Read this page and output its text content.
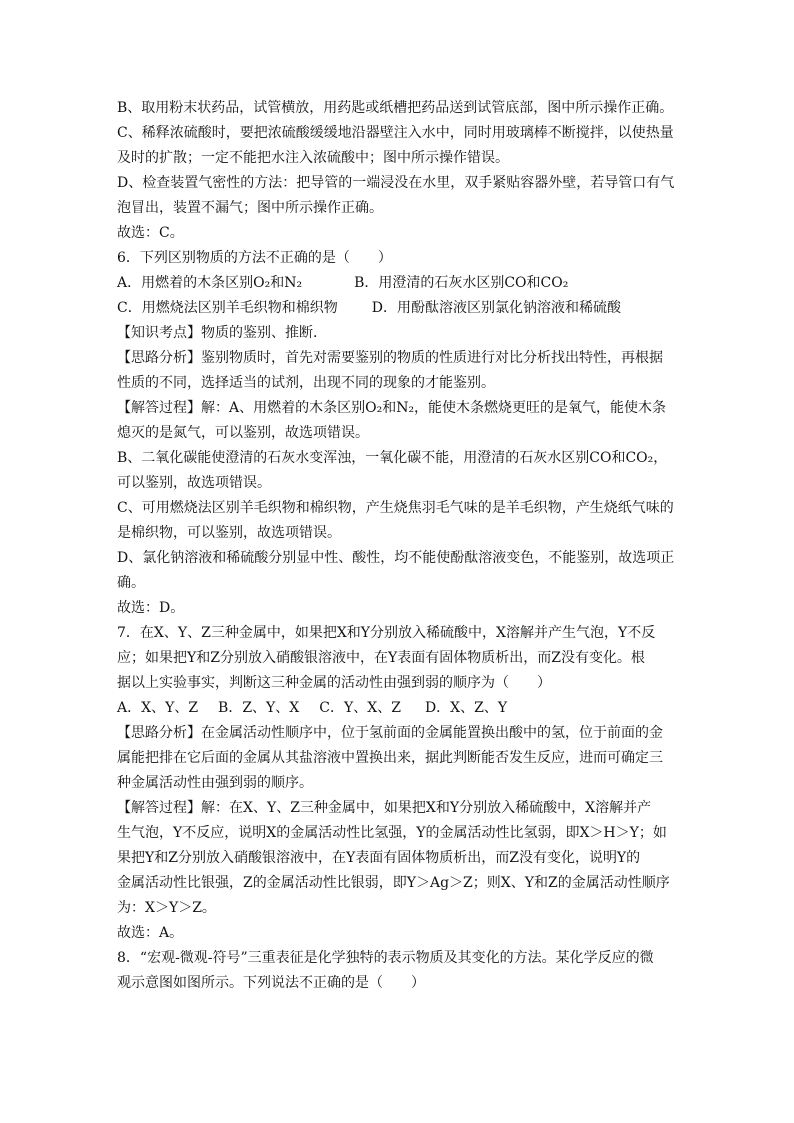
B、取用粉末状药品，试管横放，用药匙或纸槽把药品送到试管底部，图中所示操作正确。
C、稀释浓硫酸时，要把浓硫酸缓缓地沿器壁注入水中，同时用玻璃棒不断搅拌，以使热量
及时的扩散；一定不能把水注入浓硫酸中；图中所示操作错误。
D、检查装置气密性的方法：把导管的一端浸没在水里，双手紧贴容器外壁，若导管口有气
泡冒出，装置不漏气；图中所示操作正确。
故选：C。
6．下列区别物质的方法不正确的是（　　）
A．用燃着的木条区别O₂和N₂	B．用澄清的石灰水区别CO和CO₂
C．用燃烧法区别羊毛织物和棉织物 D．用酚酞溶液区别氯化钠溶液和稀硫酸
【知识考点】物质的鉴别、推断．
【思路分析】鉴别物质时，首先对需要鉴别的物质的性质进行对比分析找出特性，再根据
性质的不同，选择适当的试剂，出现不同的现象的才能鉴别。
【解答过程】解：A、用燃着的木条区别O₂和N₂，能使木条燃烧更旺的是氧气，能使木条
熄灭的是氮气，可以鉴别，故选项错误。
B、二氧化碳能使澄清的石灰水变浑浊，一氧化碳不能，用澄清的石灰水区别CO和CO₂，
可以鉴别，故选项错误。
C、可用燃烧法区别羊毛织物和棉织物，产生烧焦羽毛气味的是羊毛织物，产生烧纸气味的
是棉织物，可以鉴别，故选项错误。
D、氯化钠溶液和稀硫酸分别显中性、酸性，均不能使酚酞溶液变色，不能鉴别，故选项正
确。
故选：D。
7．在X、Y、Z三种金属中，如果把X和Y分别放入稀硫酸中，X溶解并产生气泡，Y不反
应；如果把Y和Z分别放入硝酸银溶液中，在Y表面有固体物质析出，而Z没有变化。根
据以上实验事实，判断这三种金属的活动性由强到弱的顺序为（　　）
A．X、Y、Z B．Z、Y、X C．Y、X、Z D．X、Z、Y
【思路分析】在金属活动性顺序中，位于氢前面的金属能置换出酸中的氢，位于前面的金
属能把排在它后面的金属从其盐溶液中置换出来，据此判断能否发生反应，进而可确定三
种金属活动性由强到弱的顺序。
【解答过程】解：在X、Y、Z三种金属中，如果把X和Y分别放入稀硫酸中，X溶解并产
生气泡，Y不反应，说明X的金属活动性比氢强，Y的金属活动性比氢弱，即X＞H＞Y；如
果把Y和Z分别放入硝酸银溶液中，在Y表面有固体物质析出，而Z没有变化，说明Y的
金属活动性比银强，Z的金属活动性比银弱，即Y＞Ag＞Z；则X、Y和Z的金属活动性顺序
为：X＞Y＞Z。
故选：A。
8．“宏观-微观-符号”三重表征是化学独特的表示物质及其变化的方法。某化学反应的微
观示意图如图所示。下列说法不正确的是（　　）
